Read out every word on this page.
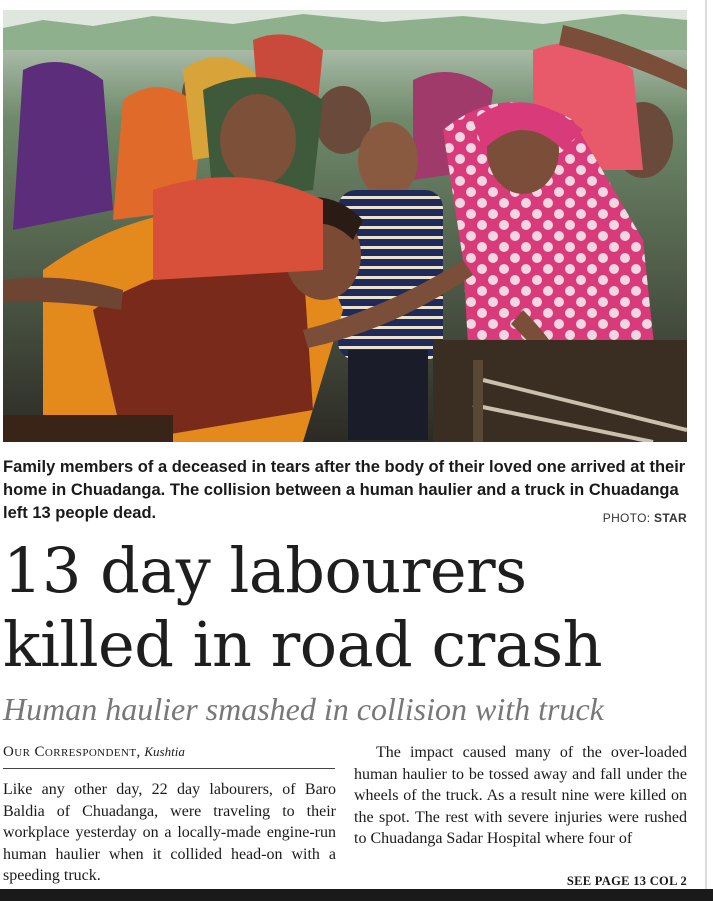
Family members of a deceased in tears after the body of their loved one arrived at their home in Chuadanga. The collision between a human haulier and a truck in Chuadanga left 13 people dead.	PHOTO: STAR
13 day labourers killed in road crash
Human haulier smashed in collision with truck
Our Correspondent, Kushtia

Like any other day, 22 day labourers, of Baro Baldia of Chuadanga, were traveling to their workplace yesterday on a locally-made engine-run human haulier when it collided head-on with a speeding truck.

The impact caused many of the over-loaded human haulier to be tossed away and fall under the wheels of the truck. As a result nine were killed on the spot. The rest with severe injuries were rushed to Chuadanga Sadar Hospital where four of

SEE PAGE 13 COL 2
